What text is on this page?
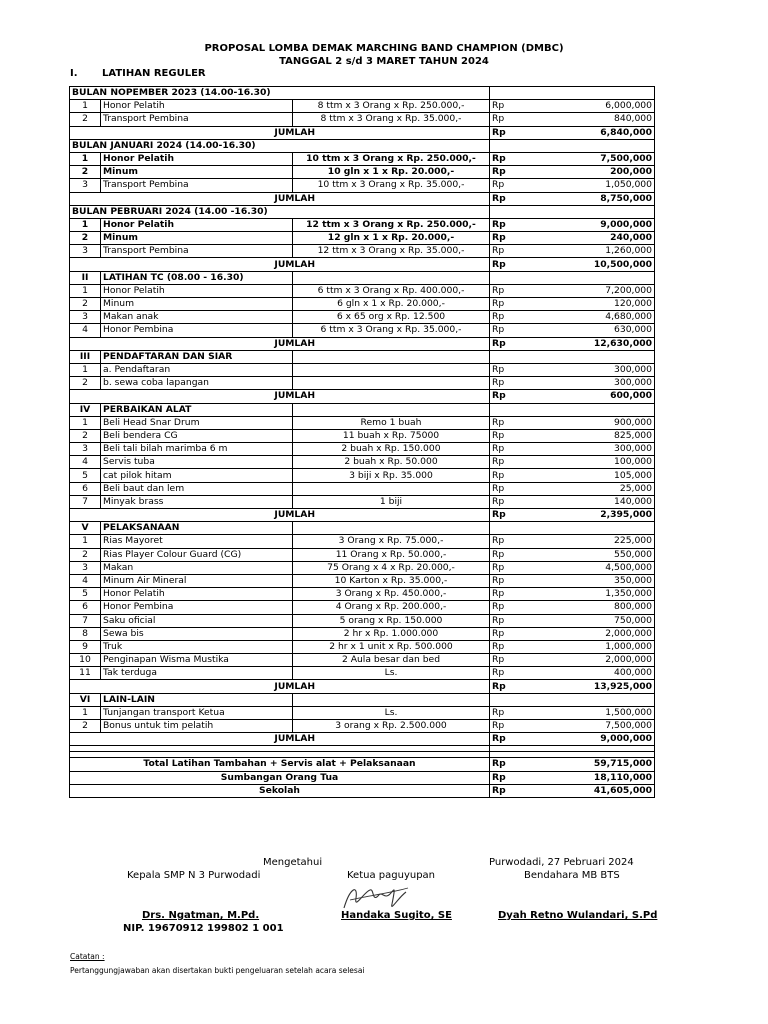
PROPOSAL LOMBA DEMAK MARCHING BAND CHAMPION (DMBC)
TANGGAL 2 s/d 3 MARET TAHUN 2024
I. LATIHAN REGULER
BULAN NOPEMBER 2023 (14.00-16.30)				
1	Honor Pelatih	8 ttm x 3 Orang x Rp. 250.000,-	Rp	6,000,000
2	Transport Pembina	8 ttm x 3 Orang x Rp. 35.000,-	Rp	840,000
	JUMLAH		Rp	6,840,000
BULAN JANUARI 2024 (14.00-16.30)				
1	Honor Pelatih	10 ttm x 3 Orang x Rp. 250.000,-	Rp	7,500,000
2	Minum	10 gln x 1 x Rp. 20.000,-	Rp	200,000
3	Transport Pembina	10 ttm x 3 Orang x Rp. 35.000,-	Rp	1,050,000
	JUMLAH		Rp	8,750,000
BULAN PEBRUARI 2024 (14.00 -16.30)				
1	Honor Pelatih	12 ttm x 3 Orang x Rp. 250.000,-	Rp	9,000,000
2	Minum	12 gln x 1 x Rp. 20.000,-	Rp	240,000
3	Transport Pembina	12 ttm x 3 Orang x Rp. 35.000,-	Rp	1,260,000
	JUMLAH		Rp	10,500,000
II	LATIHAN TC (08.00 - 16.30)			
1	Honor Pelatih	6 ttm x 3 Orang x Rp. 400.000,-	Rp	7,200,000
2	Minum	6 gln x 1 x Rp. 20.000,-	Rp	120,000
3	Makan anak	6 x 65 org x Rp. 12.500	Rp	4,680,000
4	Honor Pembina	6 ttm x 3 Orang x Rp. 35.000,-	Rp	630,000
	JUMLAH		Rp	12,630,000
III	PENDAFTARAN DAN SIAR			
1	a. Pendaftaran		Rp	300,000
2	b. sewa coba lapangan		Rp	300,000
	JUMLAH		Rp	600,000
IV	PERBAIKAN ALAT			
1	Beli Head Snar Drum	Remo 1 buah	Rp	900,000
2	Beli bendera CG	11 buah x Rp. 75000	Rp	825,000
3	Beli tali bilah marimba 6 m	2 buah x Rp. 150.000	Rp	300,000
4	Servis tuba	2 buah x Rp. 50.000	Rp	100,000
5	cat pilok hitam	3 biji x Rp. 35.000	Rp	105,000
6	Beli baut dan lem		Rp	25,000
7	Minyak brass	1 biji	Rp	140,000
	JUMLAH		Rp	2,395,000
V	PELAKSANAAN			
1	Rias Mayoret	3 Orang x Rp. 75.000,-	Rp	225,000
2	Rias Player Colour Guard (CG)	11 Orang x Rp. 50.000,-	Rp	550,000
3	Makan	75 Orang x 4 x Rp. 20.000,-	Rp	4,500,000
4	Minum Air Mineral	10 Karton x Rp. 35.000,-	Rp	350,000
5	Honor Pelatih	3 Orang x Rp. 450.000,-	Rp	1,350,000
6	Honor Pembina	4 Orang x Rp. 200.000,-	Rp	800,000
7	Saku oficial	5 orang x Rp. 150.000	Rp	750,000
8	Sewa bis	2 hr x Rp. 1.000.000	Rp	2,000,000
9	Truk	2 hr x 1 unit x Rp. 500.000	Rp	1,000,000
10	Penginapan Wisma Mustika	2 Aula besar dan bed	Rp	2,000,000
11	Tak terduga	Ls.	Rp	400,000
	JUMLAH		Rp	13,925,000
VI	LAIN-LAIN			
1	Tunjangan transport Ketua	Ls.	Rp	1,500,000
2	Bonus untuk tim pelatih	3 orang x Rp. 2.500.000	Rp	7,500,000
	JUMLAH		Rp	9,000,000

Total Latihan Tambahan + Servis alat + Pelaksanaan			Rp	59,715,000
Sumbangan Orang Tua			Rp	18,110,000
Sekolah			Rp	41,605,000
Mengetahui	Purwodadi, 27 Pebruari 2024
Kepala SMP N 3 Purwodadi	Ketua paguyupan	Bendahara MB BTS
Drs. Ngatman, M.Pd.	Handaka Sugito, SE	Dyah Retno Wulandari, S.Pd
NIP. 19670912 199802 1 001
Catatan :
Pertanggungjawaban akan disertakan bukti pengeluaran setelah acara selesai
